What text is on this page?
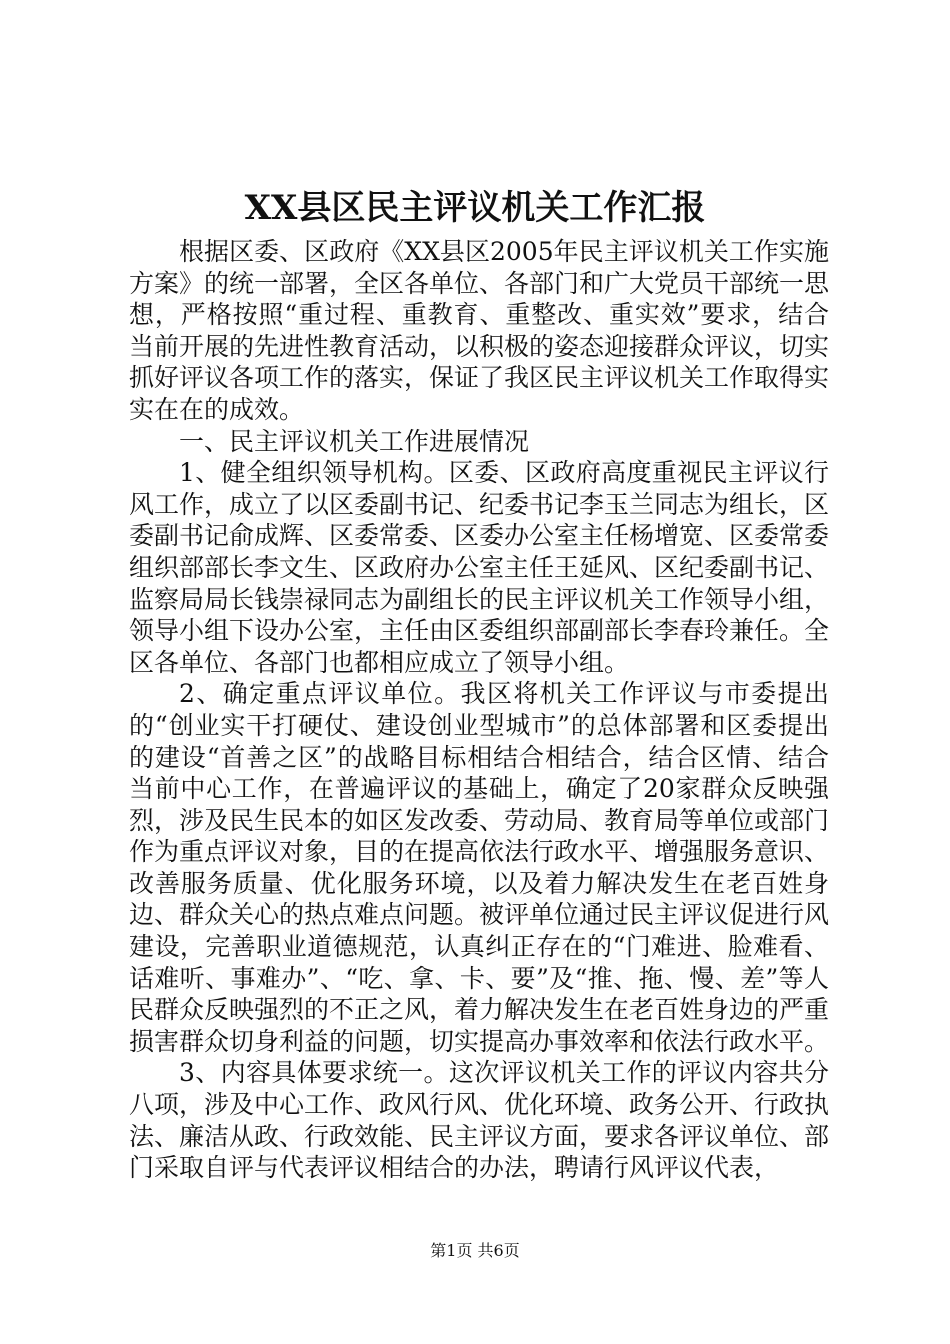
XX县区民主评议机关工作汇报

根据区委、区政府《XX县区2005年民主评议机关工作实施方案》的统一部署，全区各单位、各部门和广大党员干部统一思想，严格按照“重过程、重教育、重整改、重实效”要求，结合当前开展的先进性教育活动，以积极的姿态迎接群众评议，切实抓好评议各项工作的落实，保证了我区民主评议机关工作取得实实在在的成效。

一、民主评议机关工作进展情况

1、健全组织领导机构。区委、区政府高度重视民主评议行风工作，成立了以区委副书记、纪委书记李玉兰同志为组长，区委副书记俞成辉、区委常委、区委办公室主任杨增宽、区委常委组织部部长李文生、区政府办公室主任王延风、区纪委副书记、监察局局长钱崇禄同志为副组长的民主评议机关工作领导小组，领导小组下设办公室，主任由区委组织部副部长李春玲兼任。全区各单位、各部门也都相应成立了领导小组。

2、确定重点评议单位。我区将机关工作评议与市委提出的“创业实干打硬仗、建设创业型城市”的总体部署和区委提出的建设“首善之区”的战略目标相结合相结合，结合区情、结合当前中心工作，在普遍评议的基础上，确定了20家群众反映强烈，涉及民生民本的如区发改委、劳动局、教育局等单位或部门作为重点评议对象，目的在提高依法行政水平、增强服务意识、改善服务质量、优化服务环境，以及着力解决发生在老百姓身边、群众关心的热点难点问题。被评单位通过民主评议促进行风建设，完善职业道德规范，认真纠正存在的“门难进、脸难看、话难听、事难办”、“吃、拿、卡、要”及“推、拖、慢、差”等人民群众反映强烈的不正之风，着力解决发生在老百姓身边的严重损害群众切身利益的问题，切实提高办事效率和依法行政水平。

3、内容具体要求统一。这次评议机关工作的评议内容共分八项，涉及中心工作、政风行风、优化环境、政务公开、行政执法、廉洁从政、行政效能、民主评议方面，要求各评议单位、部门采取自评与代表评议相结合的办法，聘请行风评议代表，

第1页 共6页
